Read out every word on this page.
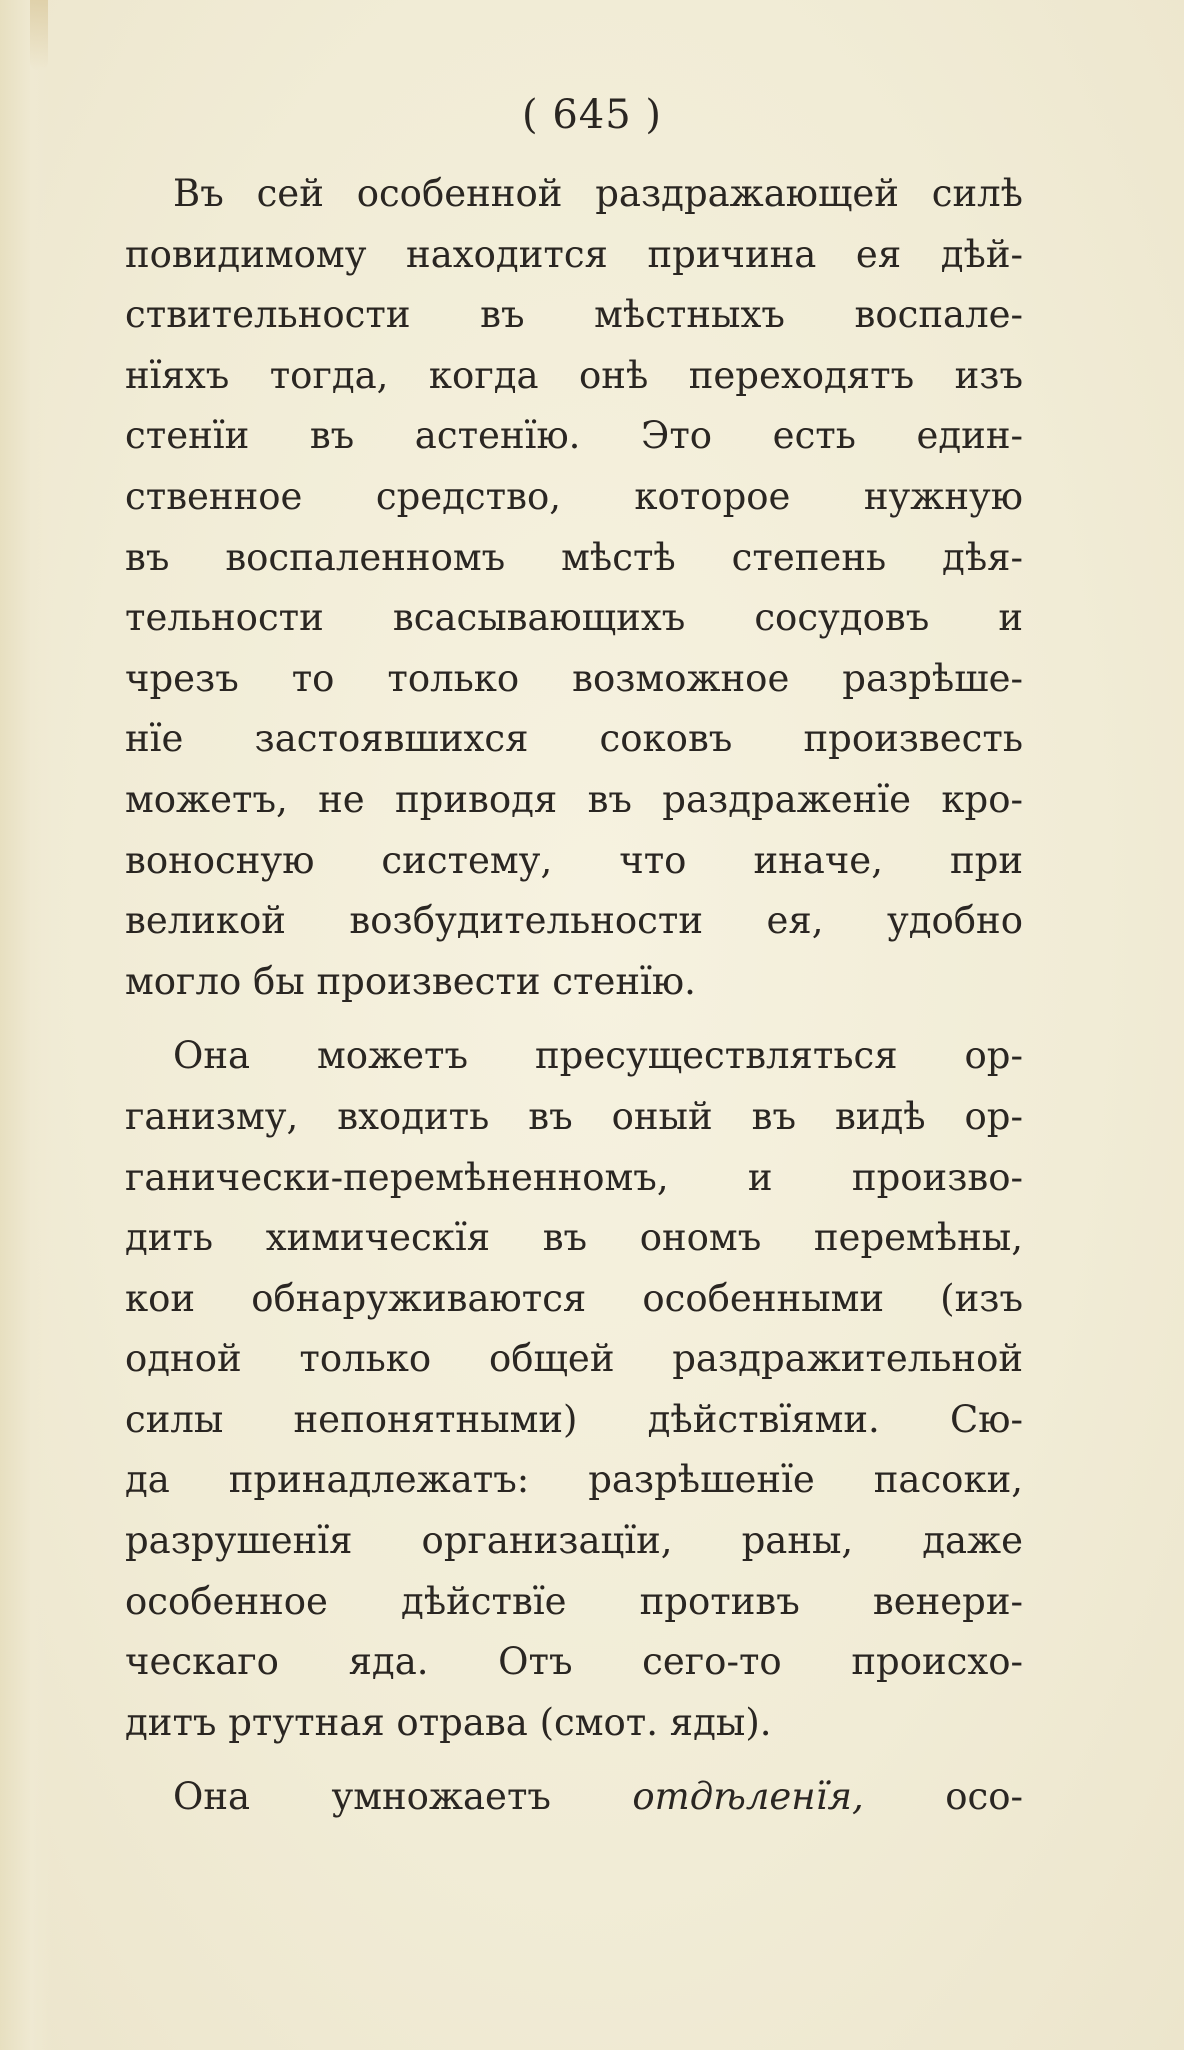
( 645 )
Въ сей особенной раздражающей силѣ
повидимому находится причина ея дѣй-
ствительности въ мѣстныхъ воспале-
нїяхъ тогда, когда онѣ переходятъ изъ
стенїи въ астенїю. Это есть един-
ственное средство, которое нужную
въ воспаленномъ мѣстѣ степень дѣя-
тельности всасывающихъ сосудовъ и
чрезъ то только возможное разрѣше-
нїе застоявшихся соковъ произвесть
можетъ, не приводя въ раздраженїе кро-
воносную систему, что иначе, при
великой возбудительности ея, удобно
могло бы произвести стенїю.
Она можетъ пресуществляться ор-
ганизму, входить въ оный въ видѣ ор-
ганически-перемѣненномъ, и произво-
дить химическїя въ ономъ перемѣны,
кои обнаруживаются особенными (изъ
одной только общей раздражительной
силы непонятными) дѣйствїями. Сю-
да принадлежатъ: разрѣшенїе пасоки,
разрушенїя организацїи, раны, даже
особенное дѣйствїе противъ венери-
ческаго яда. Отъ сего-то происхо-
дитъ ртутная отрава (смот. яды).
Она умножаетъ отдѣленїя, осо-
